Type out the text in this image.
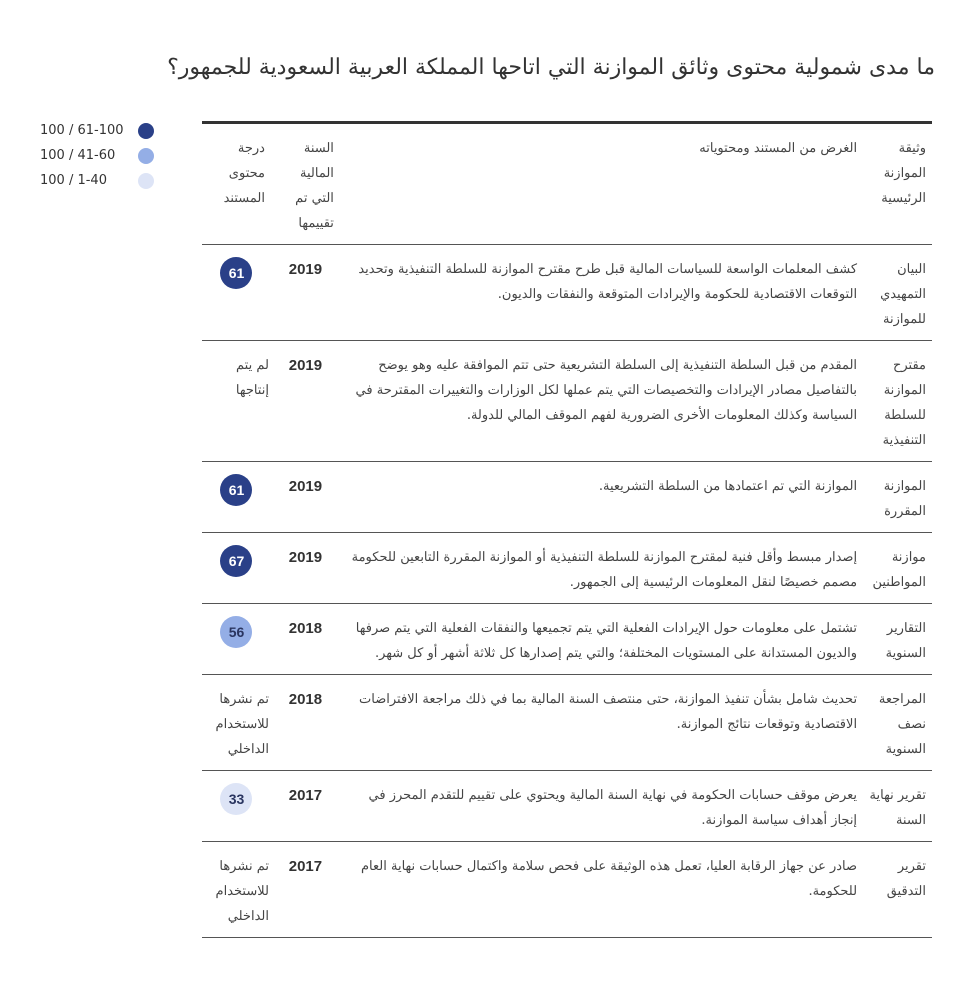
ما مدى شمولية محتوى وثائق الموازنة التي اتاحها المملكة العربية السعودية للجمهور؟
100 / 61-100
100 / 41-60
100 / 1-40
وثيقة الموازنة الرئيسية	الغرض من المستند ومحتوياته	السنة المالية التي تم تقييمها	درجة محتوى المستند
البيان التمهيدي للموازنة	كشف المعلمات الواسعة للسياسات المالية قبل طرح مقترح الموازنة للسلطة التنفيذية وتحديد التوقعات الاقتصادية للحكومة والإيرادات المتوقعة والنفقات والديون.	2019	61

مقترح الموازنة للسلطة التنفيذية	المقدم من قبل السلطة التنفيذية إلى السلطة التشريعية حتى تتم الموافقة عليه وهو يوضح بالتفاصيل مصادر الإيرادات والتخصيصات التي يتم عملها لكل الوزارات والتغييرات المقترحة في السياسة وكذلك المعلومات الأخرى الضرورية لفهم الموقف المالي للدولة.	2019	لم يتم إنتاجها

الموازنة المقررة	الموازنة التي تم اعتمادها من السلطة التشريعية.	2019	61

موازنة المواطنين	إصدار مبسط وأقل فنية لمقترح الموازنة للسلطة التنفيذية أو الموازنة المقررة التابعين للحكومة مصمم خصيصًا لنقل المعلومات الرئيسية إلى الجمهور.	2019	67

التقارير السنوية	تشتمل على معلومات حول الإيرادات الفعلية التي يتم تجميعها والنفقات الفعلية التي يتم صرفها والديون المستدانة على المستويات المختلفة؛ والتي يتم إصدارها كل ثلاثة أشهر أو كل شهر.	2018	56

المراجعة نصف السنوية	تحديث شامل بشأن تنفيذ الموازنة، حتى منتصف السنة المالية بما في ذلك مراجعة الافتراضات الاقتصادية وتوقعات نتائج الموازنة.	2018	تم نشرها للاستخدام الداخلي

تقرير نهاية السنة	يعرض موقف حسابات الحكومة في نهاية السنة المالية ويحتوي على تقييم للتقدم المحرز في إنجاز أهداف سياسة الموازنة.	2017	33

تقرير التدقيق	صادر عن جهاز الرقابة العليا، تعمل هذه الوثيقة على فحص سلامة واكتمال حسابات نهاية العام للحكومة.	2017	تم نشرها للاستخدام الداخلي
